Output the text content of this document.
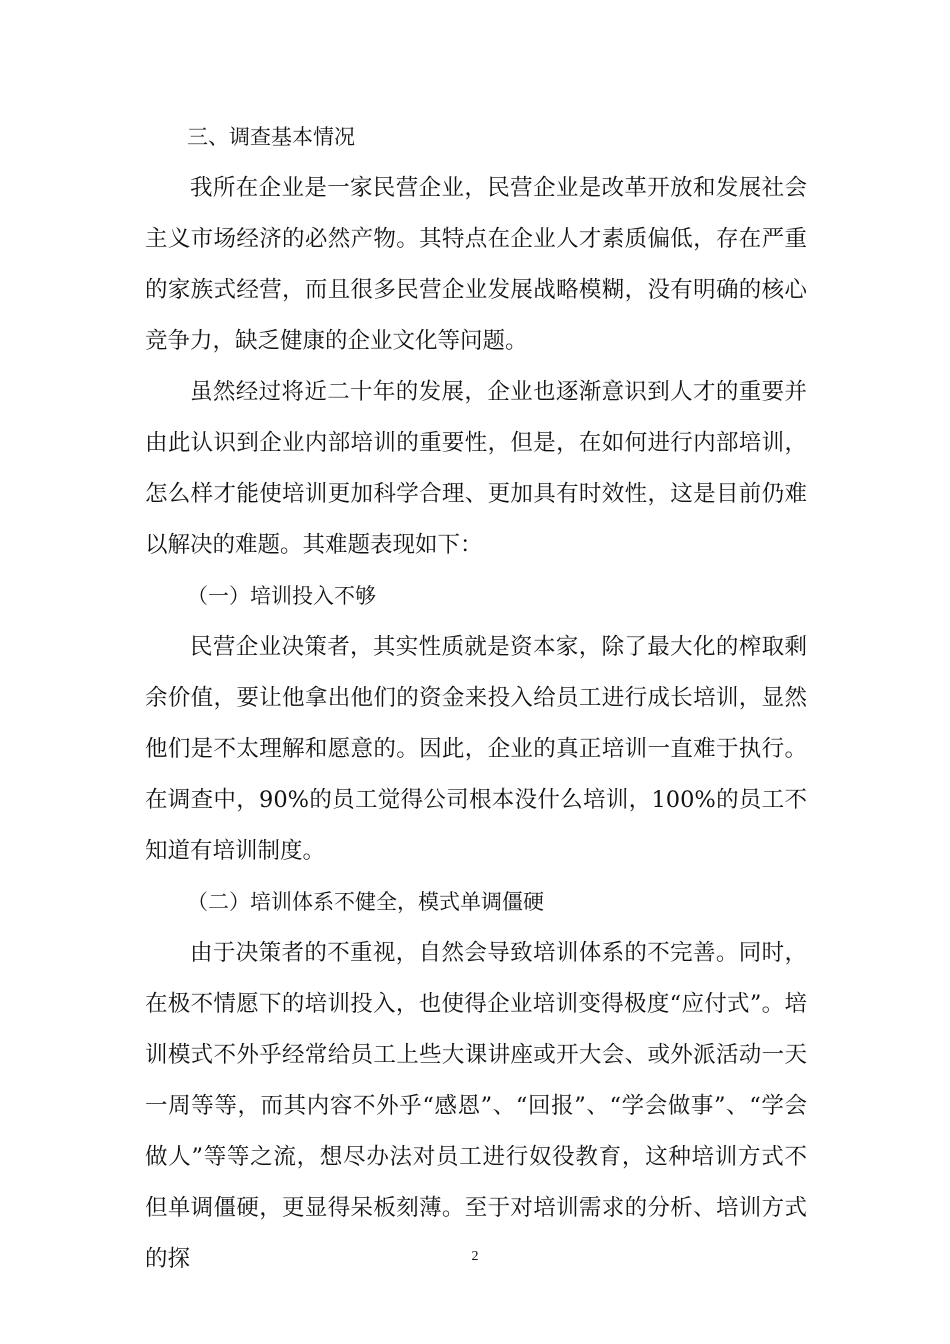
三、调查基本情况

我所在企业是一家民营企业，民营企业是改革开放和发展社会主义市场经济的必然产物。其特点在企业人才素质偏低，存在严重的家族式经营，而且很多民营企业发展战略模糊，没有明确的核心竞争力，缺乏健康的企业文化等问题。

虽然经过将近二十年的发展，企业也逐渐意识到人才的重要并由此认识到企业内部培训的重要性，但是，在如何进行内部培训，怎么样才能使培训更加科学合理、更加具有时效性，这是目前仍难以解决的难题。其难题表现如下：

（一）培训投入不够

民营企业决策者，其实性质就是资本家，除了最大化的榨取剩余价值，要让他拿出他们的资金来投入给员工进行成长培训，显然他们是不太理解和愿意的。因此，企业的真正培训一直难于执行。在调查中，90%的员工觉得公司根本没什么培训，100%的员工不知道有培训制度。

（二）培训体系不健全，模式单调僵硬

由于决策者的不重视，自然会导致培训体系的不完善。同时，在极不情愿下的培训投入，也使得企业培训变得极度“应付式”。培训模式不外乎经常给员工上些大课讲座或开大会、或外派活动一天一周等等，而其内容不外乎“感恩”、“回报”、“学会做事”、“学会做人”等等之流，想尽办法对员工进行奴役教育，这种培训方式不但单调僵硬，更显得呆板刻薄。至于对培训需求的分析、培训方式的探	2
